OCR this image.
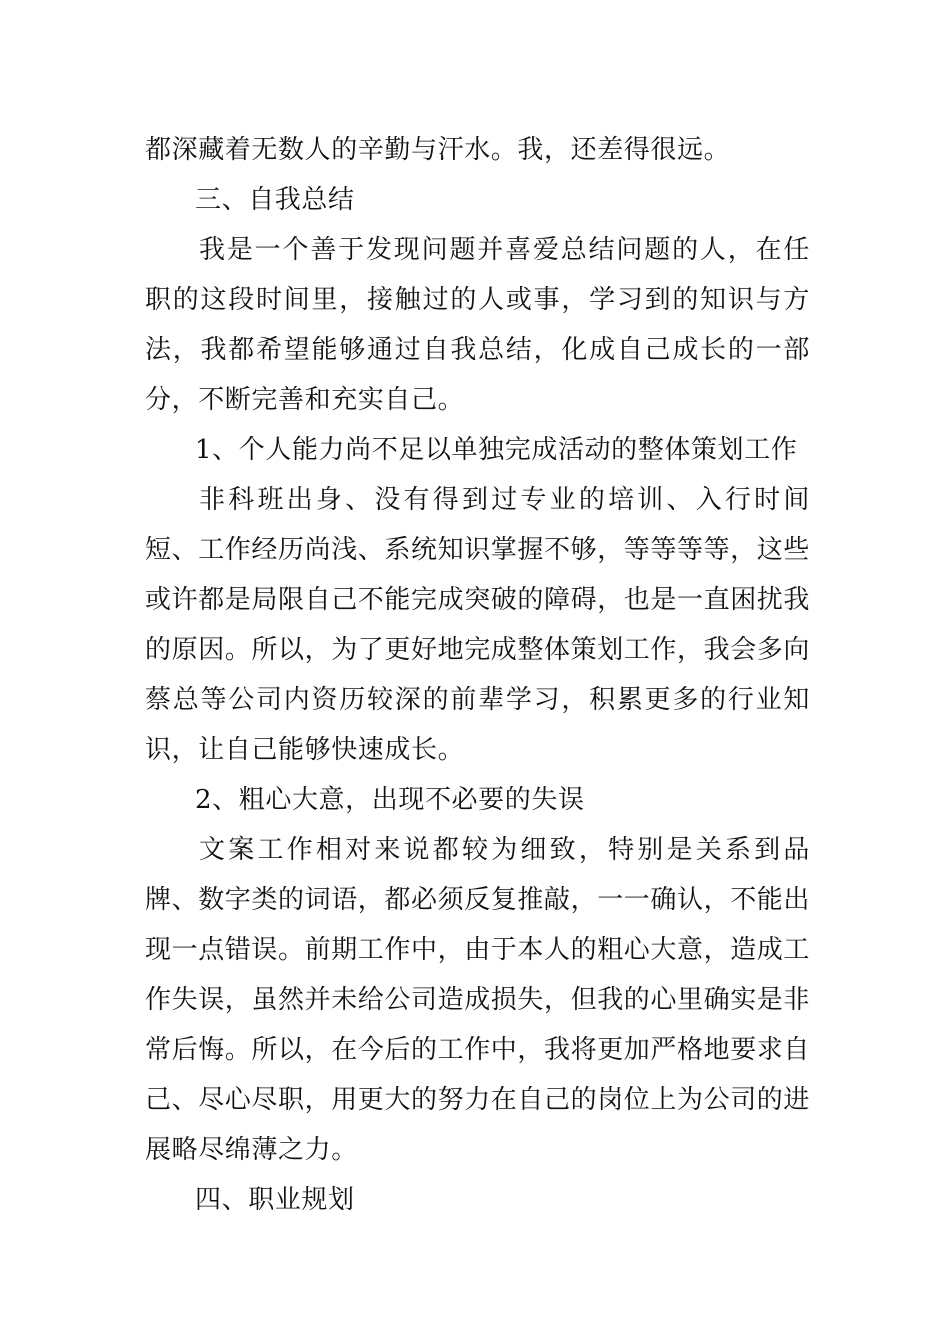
都深藏着无数人的辛勤与汗水。我，还差得很远。

三、自我总结

我是一个善于发现问题并喜爱总结问题的人，在任职的这段时间里，接触过的人或事，学习到的知识与方法，我都希望能够通过自我总结，化成自己成长的一部分，不断完善和充实自己。

1、个人能力尚不足以单独完成活动的整体策划工作

非科班出身、没有得到过专业的培训、入行时间短、工作经历尚浅、系统知识掌握不够，等等等等，这些或许都是局限自己不能完成突破的障碍，也是一直困扰我的原因。所以，为了更好地完成整体策划工作，我会多向蔡总等公司内资历较深的前辈学习，积累更多的行业知识，让自己能够快速成长。

2、粗心大意，出现不必要的失误

文案工作相对来说都较为细致，特别是关系到品牌、数字类的词语，都必须反复推敲，一一确认，不能出现一点错误。前期工作中，由于本人的粗心大意，造成工作失误，虽然并未给公司造成损失，但我的心里确实是非常后悔。所以，在今后的工作中，我将更加严格地要求自己、尽心尽职，用更大的努力在自己的岗位上为公司的进展略尽绵薄之力。

四、职业规划
